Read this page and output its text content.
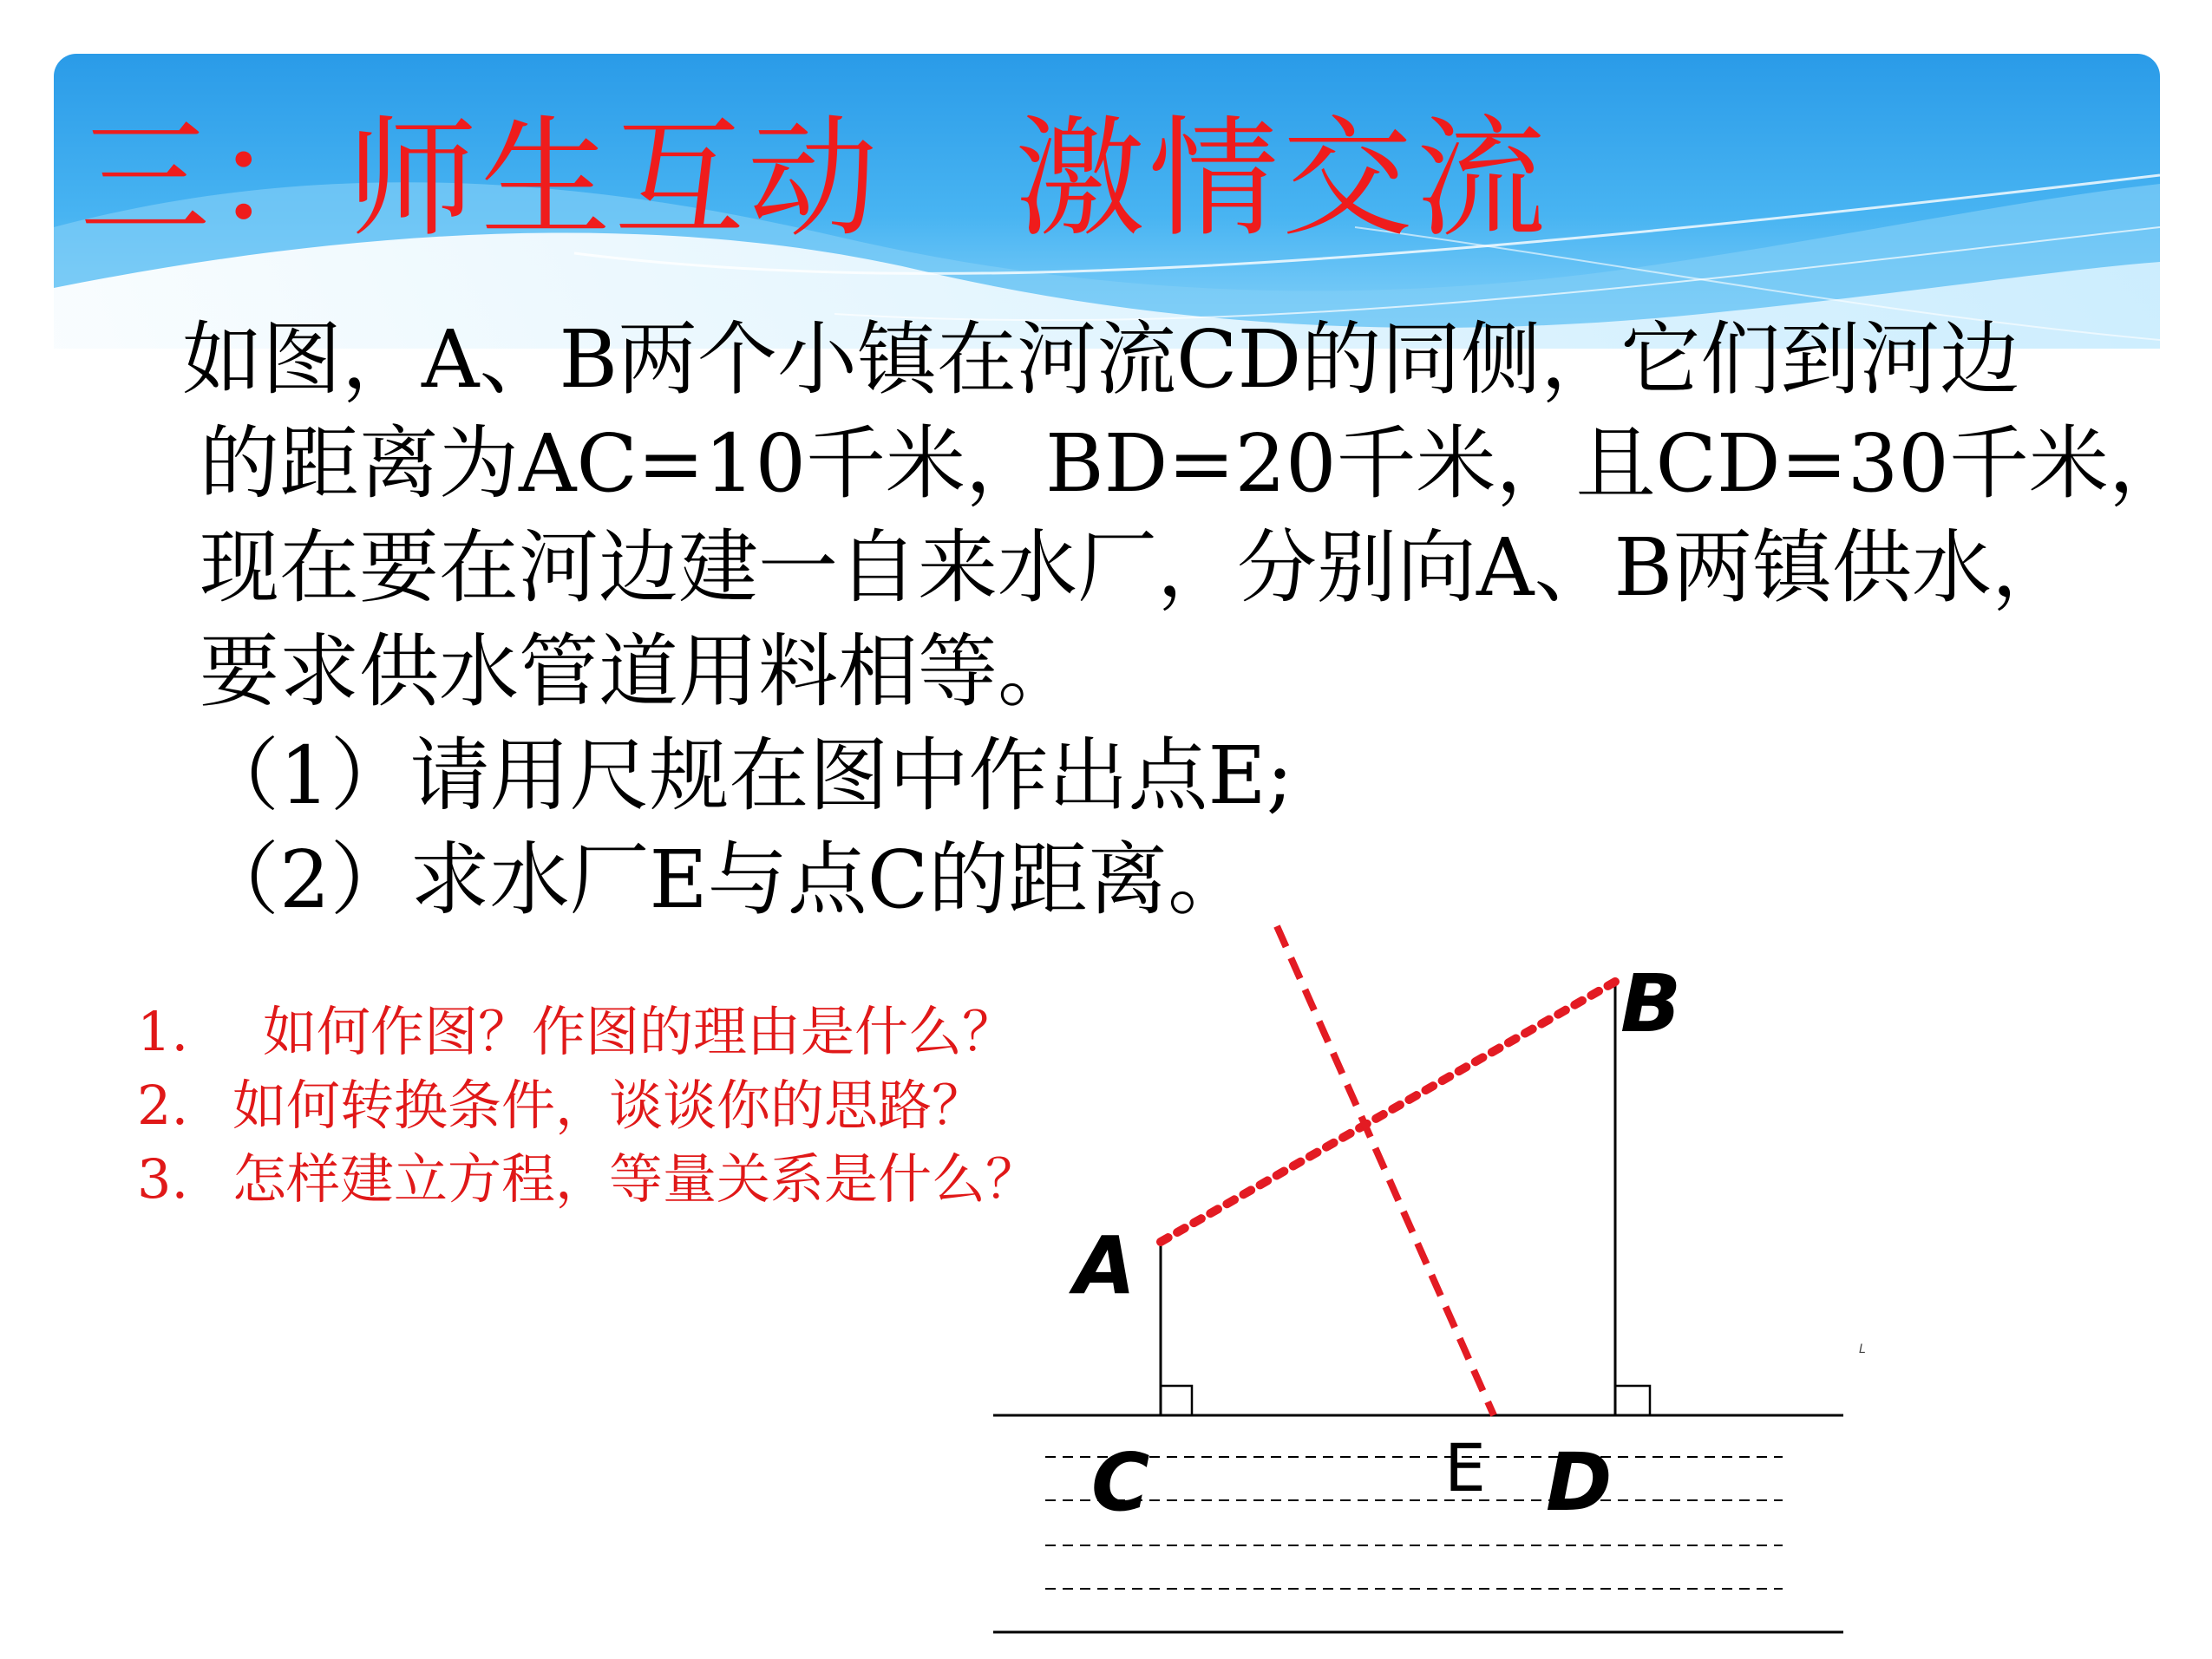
三：师生互动　激情交流
如图，A、B两个小镇在河流CD的同侧，它们到河边
的距离为AC=10千米，BD=20千米，且CD=30千米，
现在要在河边建一自来水厂，分别向A、B两镇供水，
要求供水管道用料相等。
（1）请用尺规在图中作出点E;
（2）求水厂E与点C的距离。
1. 如何作图？作图的理由是什么？
2. 如何转换条件，谈谈你的思路？
3. 怎样建立方程，等量关系是什么？
L
A
B
C	D
E
